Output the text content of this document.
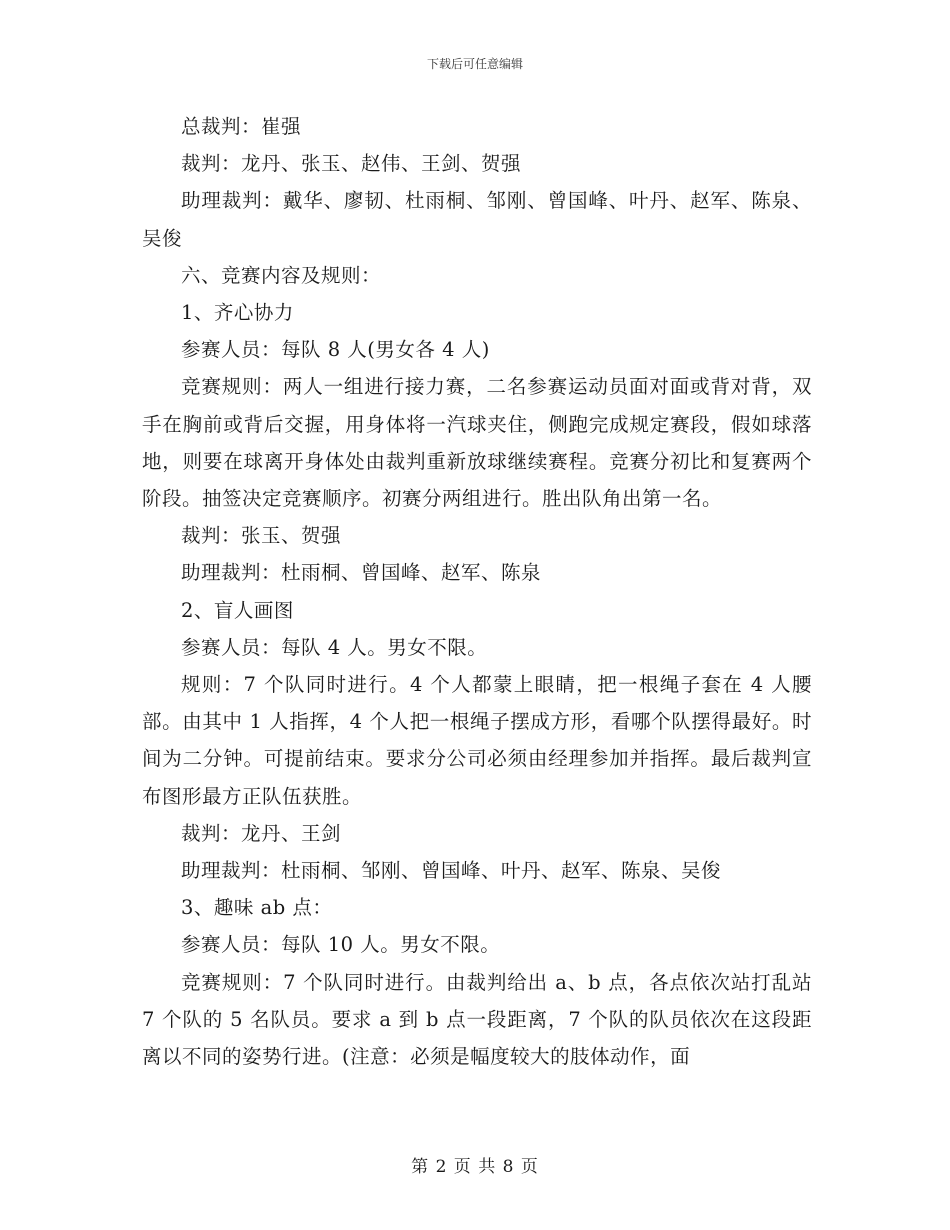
下载后可任意编辑

总裁判：崔强

裁判：龙丹、张玉、赵伟、王剑、贺强

助理裁判：戴华、廖韧、杜雨桐、邹刚、曾国峰、叶丹、赵军、陈泉、吴俊

六、竞赛内容及规则：

1、齐心协力

参赛人员：每队 8 人(男女各 4 人)

竞赛规则：两人一组进行接力赛，二名参赛运动员面对面或背对背，双手在胸前或背后交握，用身体将一汽球夹住，侧跑完成规定赛段，假如球落地，则要在球离开身体处由裁判重新放球继续赛程。竞赛分初比和复赛两个阶段。抽签决定竞赛顺序。初赛分两组进行。胜出队角出第一名。

裁判：张玉、贺强

助理裁判：杜雨桐、曾国峰、赵军、陈泉

2、盲人画图

参赛人员：每队 4 人。男女不限。

规则：7 个队同时进行。4 个人都蒙上眼睛，把一根绳子套在 4 人腰部。由其中 1 人指挥，4 个人把一根绳子摆成方形，看哪个队摆得最好。时间为二分钟。可提前结束。要求分公司必须由经理参加并指挥。最后裁判宣布图形最方正队伍获胜。

裁判：龙丹、王剑

助理裁判：杜雨桐、邹刚、曾国峰、叶丹、赵军、陈泉、吴俊

3、趣味 ab 点：

参赛人员：每队 10 人。男女不限。

竞赛规则：7 个队同时进行。由裁判给出 a、b 点，各点依次站打乱站 7 个队的 5 名队员。要求 a 到 b 点一段距离，7 个队的队员依次在这段距离以不同的姿势行进。(注意：必须是幅度较大的肢体动作，面

第 2 页 共 8 页
